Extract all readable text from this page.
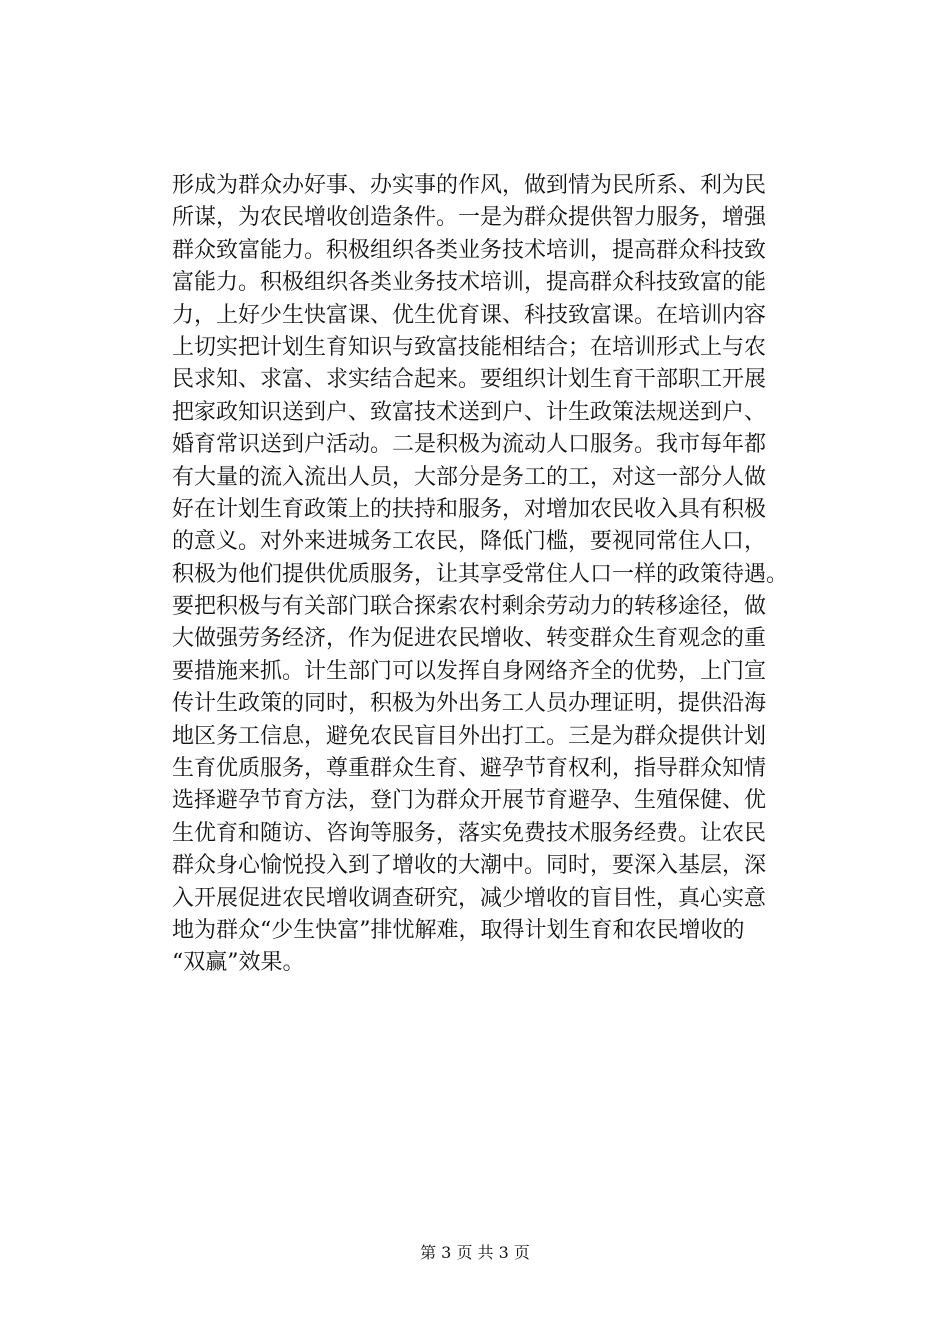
形成为群众办好事、办实事的作风，做到情为民所系、利为民
所谋，为农民增收创造条件。一是为群众提供智力服务，增强
群众致富能力。积极组织各类业务技术培训，提高群众科技致
富能力。积极组织各类业务技术培训，提高群众科技致富的能
力，上好少生快富课、优生优育课、科技致富课。在培训内容
上切实把计划生育知识与致富技能相结合；在培训形式上与农
民求知、求富、求实结合起来。要组织计划生育干部职工开展
把家政知识送到户、致富技术送到户、计生政策法规送到户、
婚育常识送到户活动。二是积极为流动人口服务。我市每年都
有大量的流入流出人员，大部分是务工的工，对这一部分人做
好在计划生育政策上的扶持和服务，对增加农民收入具有积极
的意义。对外来进城务工农民，降低门槛，要视同常住人口，
积极为他们提供优质服务，让其享受常住人口一样的政策待遇。
要把积极与有关部门联合探索农村剩余劳动力的转移途径，做
大做强劳务经济，作为促进农民增收、转变群众生育观念的重
要措施来抓。计生部门可以发挥自身网络齐全的优势，上门宣
传计生政策的同时，积极为外出务工人员办理证明，提供沿海
地区务工信息，避免农民盲目外出打工。三是为群众提供计划
生育优质服务，尊重群众生育、避孕节育权利，指导群众知情
选择避孕节育方法，登门为群众开展节育避孕、生殖保健、优
生优育和随访、咨询等服务，落实免费技术服务经费。让农民
群众身心愉悦投入到了增收的大潮中。同时，要深入基层，深
入开展促进农民增收调查研究，减少增收的盲目性，真心实意
地为群众“少生快富”排忧解难，取得计划生育和农民增收的
“双赢”效果。
第 3 页 共 3 页
